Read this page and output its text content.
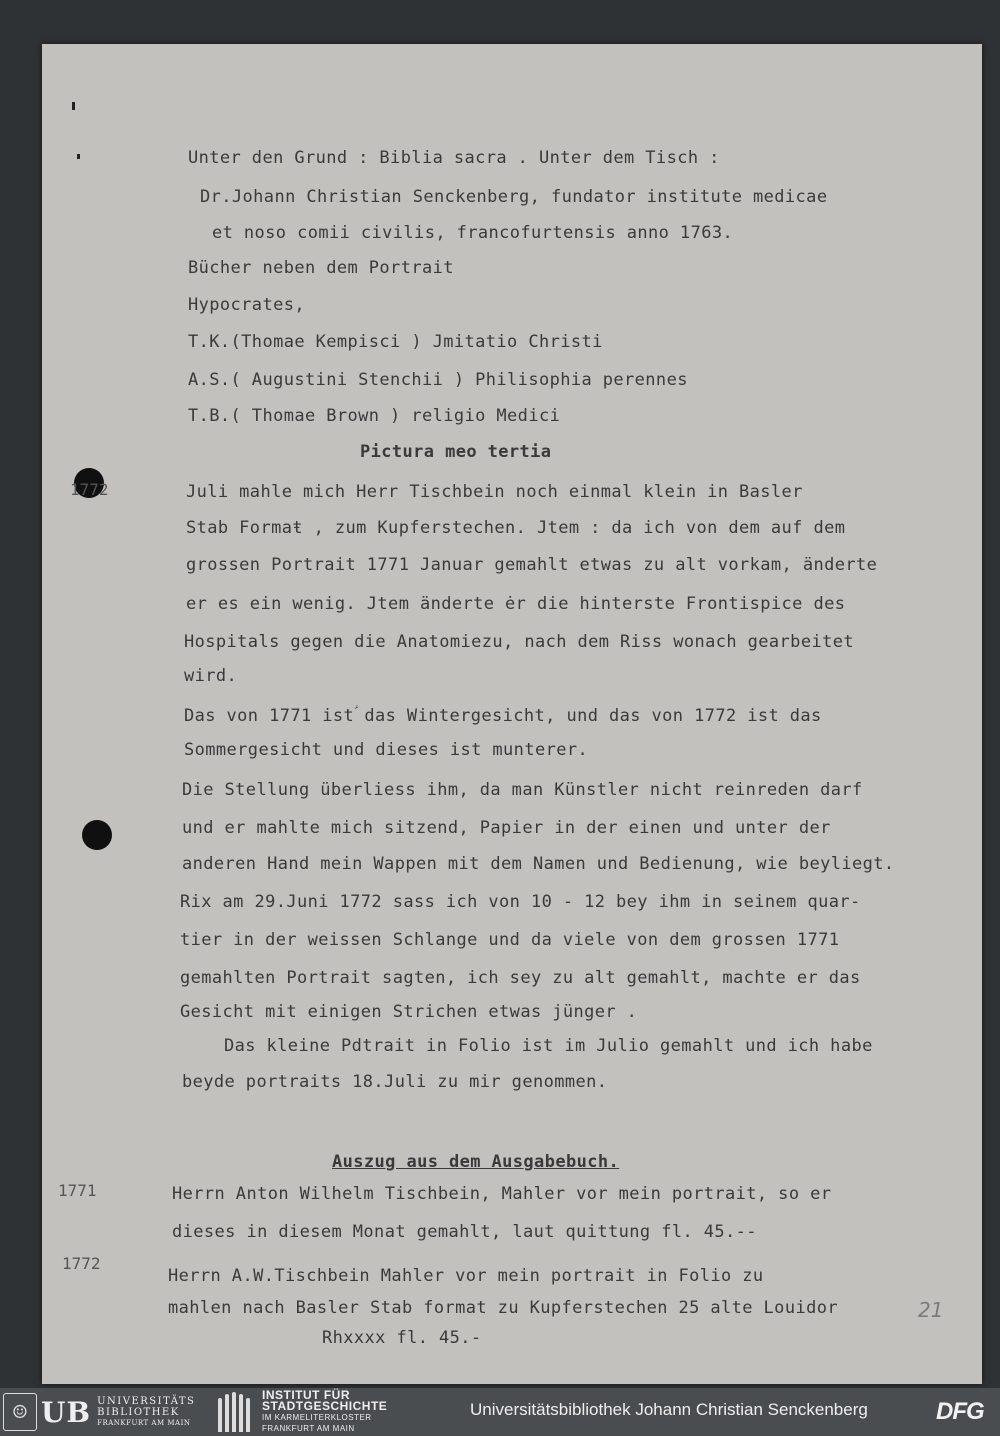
Unter den Grund : Biblia sacra . Unter dem Tisch :
Dr.Johann Christian Senckenberg, fundator institute medicae
et noso comii civilis, francofurtensis anno 1763.
Bücher neben dem Portrait
Hypocrates,
T.K.(Thomae Kempisci ) Jmitatio Christi
A.S.( Augustini Stenchii ) Philisophia perennes
T.B.( Thomae Brown ) religio Medici
Pictura meo tertia
1772	Juli mahle mich Herr Tischbein noch einmal klein in Basler
Stab Formaŧ , zum Kupferstechen. Jtem : da ich von dem auf dem
grossen Portrait 1771 Januar gemahlt etwas zu alt vorkam, änderte
er es ein wenig. Jtem änderte ėr die hinterste Frontispice des
Hospitals gegen die Anatomiezu, nach dem Riss wonach gearbeitet
wird.
Das von 1771 istؑ das Wintergesicht, und das von 1772 ist das
Sommergesicht und dieses ist munterer.
Die Stellung überliess ihm, da man Künstler nicht reinreden darf
und er mahlte mich sitzend, Papier in der einen und unter der
anderen Hand mein Wappen mit dem Namen und Bedienung, wie beyliegt.
Rix am 29.Juni 1772 sass ich von 10 - 12 bey ihm in seinem quar-
tier in der weissen Schlange und da viele von dem grossen 1771
gemahlten Portrait sagten, ich sey zu alt gemahlt, machte er das
Gesicht mit einigen Strichen etwas jünger .
Das kleine Pdtrait in Folio ist im Julio gemahlt und ich habe
beyde portraits 18.Juli zu mir genommen.
Auszug aus dem Ausgabebuch.
1771	Herrn Anton Wilhelm Tischbein, Mahler vor mein portrait, so er
dieses in diesem Monat gemahlt, laut quittung fl. 45.--
1772
Herrn A.W.Tischbein Mahler vor mein portrait in Folio zu
mahlen nach Basler Stab format zu Kupferstechen 25 alte Louidor
Rhxxxx fl. 45.-
21
☺ UB UNIVERSITÄTS
BIBLIOTHEK
FRANKFURT AM MAIN
INSTITUT FÜR
STADTGESCHICHTE
IM KARMELITERKLOSTER
FRANKFURT AM MAIN
Universitätsbibliothek Johann Christian Senckenberg	DFG
